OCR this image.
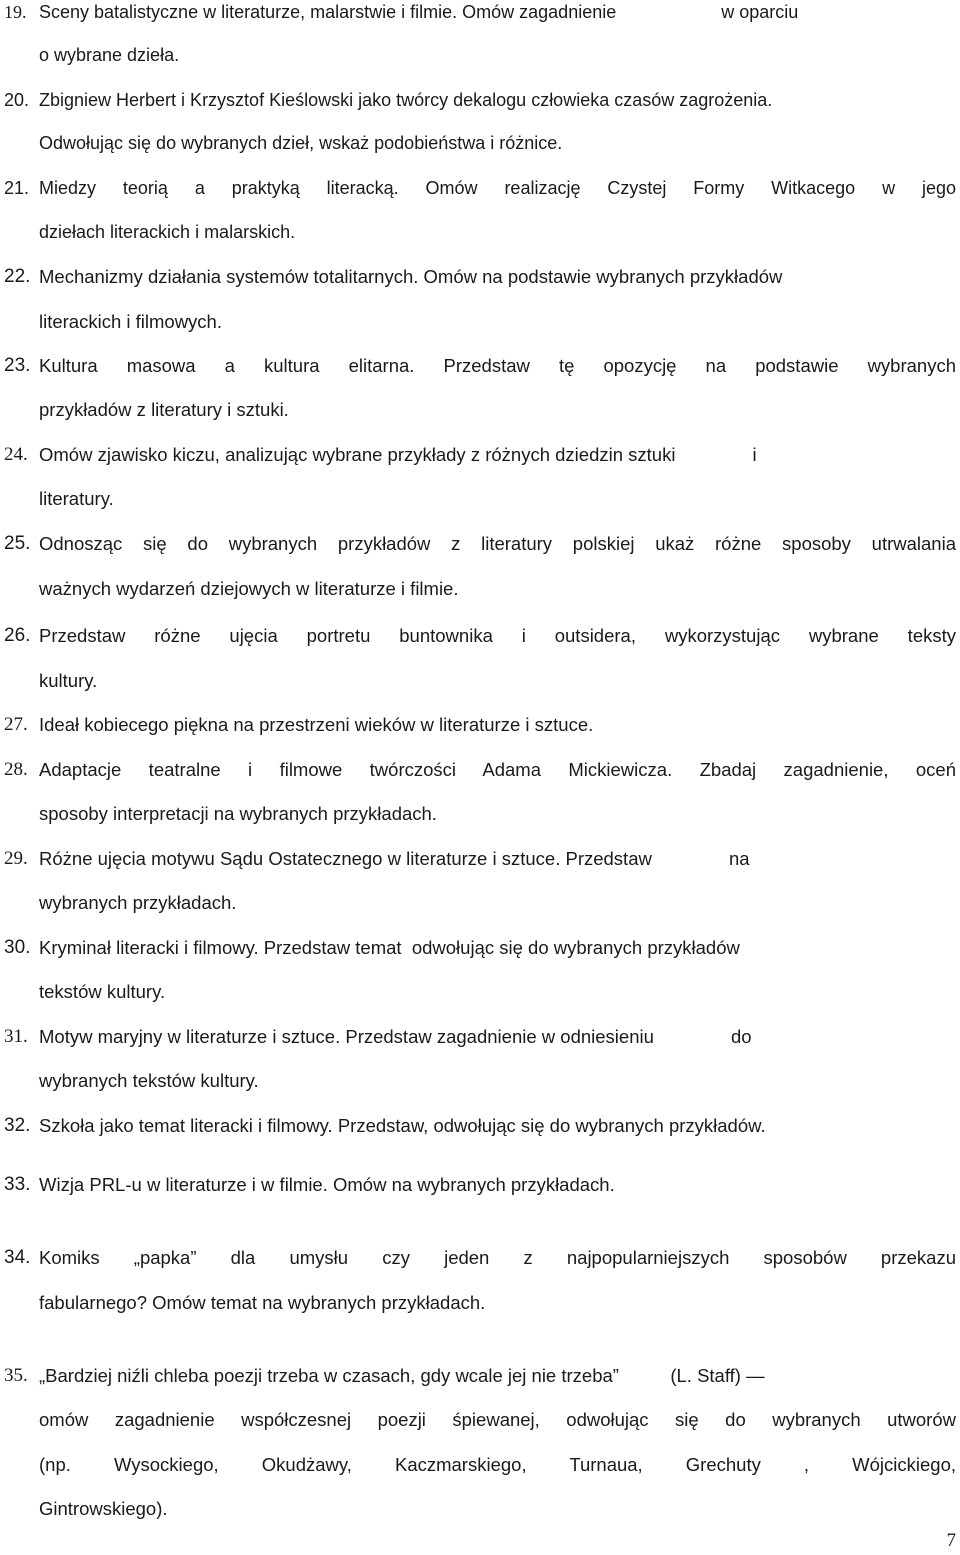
19. Sceny batalistyczne w literaturze, malarstwie i filmie. Omów zagadnienie                     w oparciu
o wybrane dzieła.
20. Zbigniew Herbert i Krzysztof Kieślowski jako twórcy dekalogu człowieka czasów zagrożenia.
Odwołując się do wybranych dzieł, wskaż podobieństwa i różnice.
21. Miedzy teorią a praktyką literacką. Omów realizację Czystej Formy Witkacego w jego
dziełach literackich i malarskich.
22. Mechanizmy działania systemów totalitarnych. Omów na podstawie wybranych przykładów
literackich i filmowych.
23. Kultura masowa a kultura elitarna. Przedstaw tę opozycję na podstawie wybranych
przykładów z literatury i sztuki.
24. Omów zjawisko kiczu, analizując wybrane przykłady z różnych dziedzin sztuki               i
literatury.
25. Odnosząc się do wybranych przykładów z literatury polskiej ukaż różne sposoby utrwalania
ważnych wydarzeń dziejowych w literaturze i filmie.
26. Przedstaw różne ujęcia portretu buntownika i outsidera, wykorzystując wybrane teksty
kultury.
27. Ideał kobiecego piękna na przestrzeni wieków w literaturze i sztuce.
28. Adaptacje teatralne i filmowe twórczości Adama Mickiewicza. Zbadaj zagadnienie, oceń
sposoby interpretacji na wybranych przykładach.
29. Różne ujęcia motywu Sądu Ostatecznego w literaturze i sztuce. Przedstaw               na
wybranych przykładach.
30. Kryminał literacki i filmowy. Przedstaw temat  odwołując się do wybranych przykładów
tekstów kultury.
31. Motyw maryjny w literaturze i sztuce. Przedstaw zagadnienie w odniesieniu               do
wybranych tekstów kultury.
32. Szkoła jako temat literacki i filmowy. Przedstaw, odwołując się do wybranych przykładów.
33. Wizja PRL-u w literaturze i w filmie. Omów na wybranych przykładach.
34. Komiks „papka” dla umysłu czy jeden z najpopularniejszych sposobów przekazu
fabularnego? Omów temat na wybranych przykładach.
35. „Bardziej niźli chleba poezji trzeba w czasach, gdy wcale jej nie trzeba”          (L. Staff) —
omów zagadnienie współczesnej poezji śpiewanej, odwołując się do wybranych utworów
(np. Wysockiego, Okudżawy, Kaczmarskiego, Turnaua, Grechuty , Wójcickiego,
Gintrowskiego).
7
